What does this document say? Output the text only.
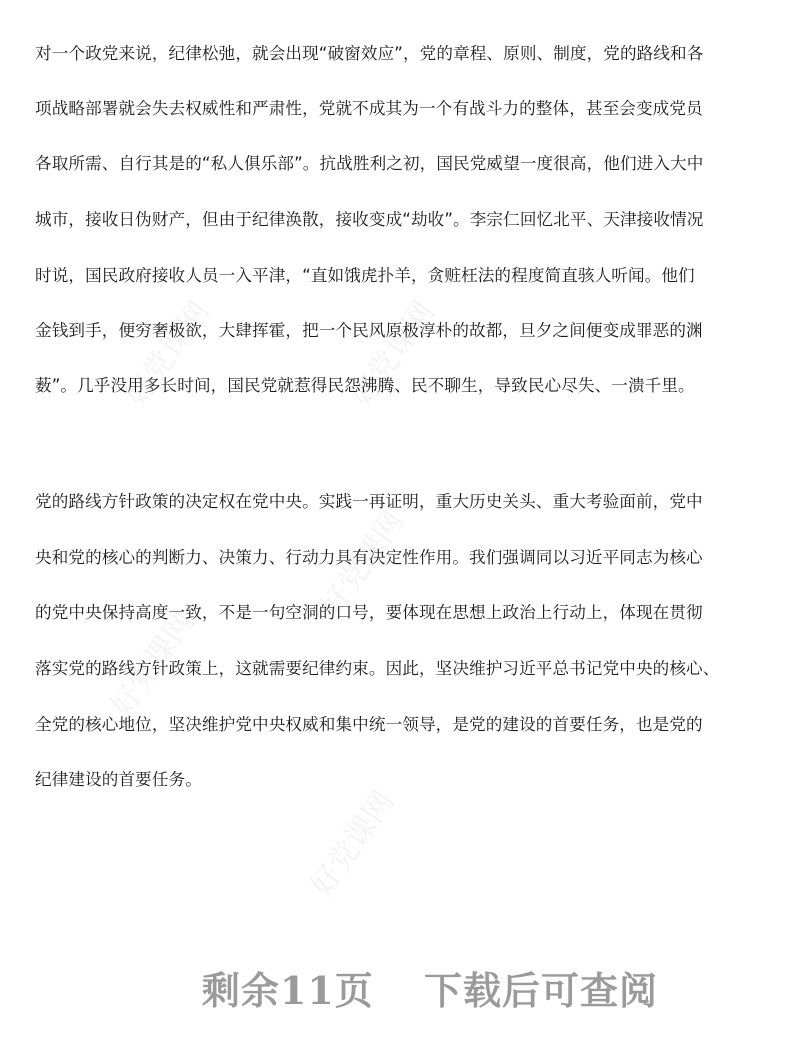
好党课网	好党课网
好党课网
好党课网
好党课网
对一个政党来说，纪律松弛，就会出现“破窗效应”，党的章程、原则、制度，党的路线和各
项战略部署就会失去权威性和严肃性，党就不成其为一个有战斗力的整体，甚至会变成党员
各取所需、自行其是的“私人俱乐部”。抗战胜利之初，国民党威望一度很高，他们进入大中
城市，接收日伪财产，但由于纪律涣散，接收变成“劫收”。李宗仁回忆北平、天津接收情况
时说，国民政府接收人员一入平津，“直如饿虎扑羊，贪赃枉法的程度简直骇人听闻。他们
金钱到手，便穷奢极欲，大肆挥霍，把一个民风原极淳朴的故都，旦夕之间便变成罪恶的渊
薮”。几乎没用多长时间，国民党就惹得民怨沸腾、民不聊生，导致民心尽失、一溃千里。
党的路线方针政策的决定权在党中央。实践一再证明，重大历史关头、重大考验面前，党中
央和党的核心的判断力、决策力、行动力具有决定性作用。我们强调同以习近平同志为核心
的党中央保持高度一致，不是一句空洞的口号，要体现在思想上政治上行动上，体现在贯彻
落实党的路线方针政策上，这就需要纪律约束。因此，坚决维护习近平总书记党中央的核心、
全党的核心地位，坚决维护党中央权威和集中统一领导，是党的建设的首要任务，也是党的
纪律建设的首要任务。
剩余11页 下载后可查阅
